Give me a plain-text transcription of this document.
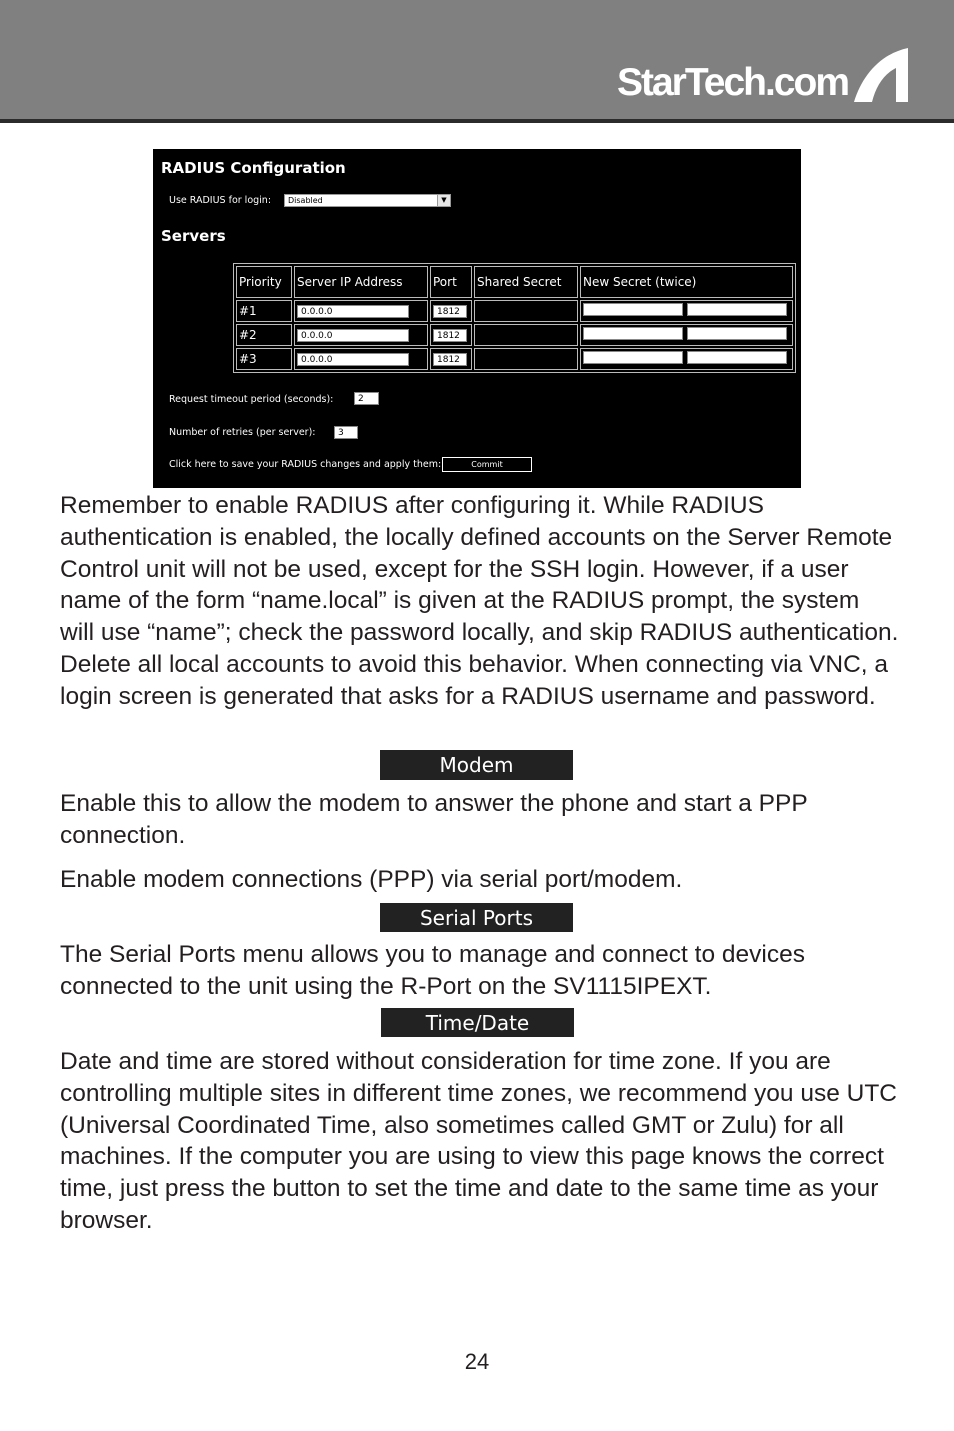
StarTech.com
RADIUS Configuration
Use RADIUS for login:	Disabled	▼
Servers
Priority	Server IP Address	Port	Shared Secret	New Secret (twice)
#1	0.0.0.0	1812		
#2	0.0.0.0	1812		
#3	0.0.0.0	1812		
Request timeout period (seconds):	2
Number of retries (per server):	3
Click here to save your RADIUS changes and apply them:	Commit
Remember to enable RADIUS after configuring it. While RADIUS authentication is enabled, the locally defined accounts on the Server Remote Control unit will not be used, except for the SSH login. However, if a user name of the form “name.local” is given at the RADIUS prompt, the system will use “name”; check the password locally, and skip RADIUS authentication. Delete all local accounts to avoid this behavior. When connecting via VNC, a login screen is generated that asks for a RADIUS username and password.
Modem
Enable this to allow the modem to answer the phone and start a PPP connection.
Enable modem connections (PPP) via serial port/modem.
Serial Ports
The Serial Ports menu allows you to manage and connect to devices connected to the unit using the R-Port on the SV1115IPEXT.
Time/Date
Date and time are stored without consideration for time zone. If you are controlling multiple sites in different time zones, we recommend you use UTC (Universal Coordinated Time, also sometimes called GMT or Zulu) for all machines. If the computer you are using to view this page knows the correct time, just press the button to set the time and date to the same time as your browser.
24
